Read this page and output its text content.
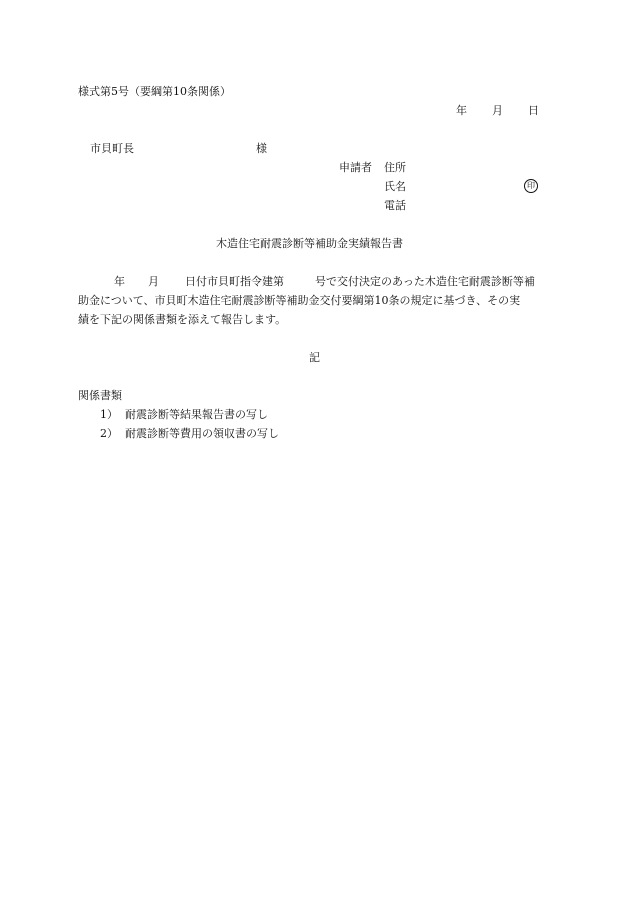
様式第5号（要綱第10条関係）
年 月 日
市貝町長	様
申請者 住所
氏名	印
電話
木造住宅耐震診断等補助金実績報告書
年 月 日付市貝町指令建第	号で交付決定のあった木造住宅耐震診断等補
助金について、市貝町木造住宅耐震診断等補助金交付要綱第10条の規定に基づき、その実
績を下記の関係書類を添えて報告します。
記
関係書類
1） 耐震診断等結果報告書の写し
2） 耐震診断等費用の領収書の写し
